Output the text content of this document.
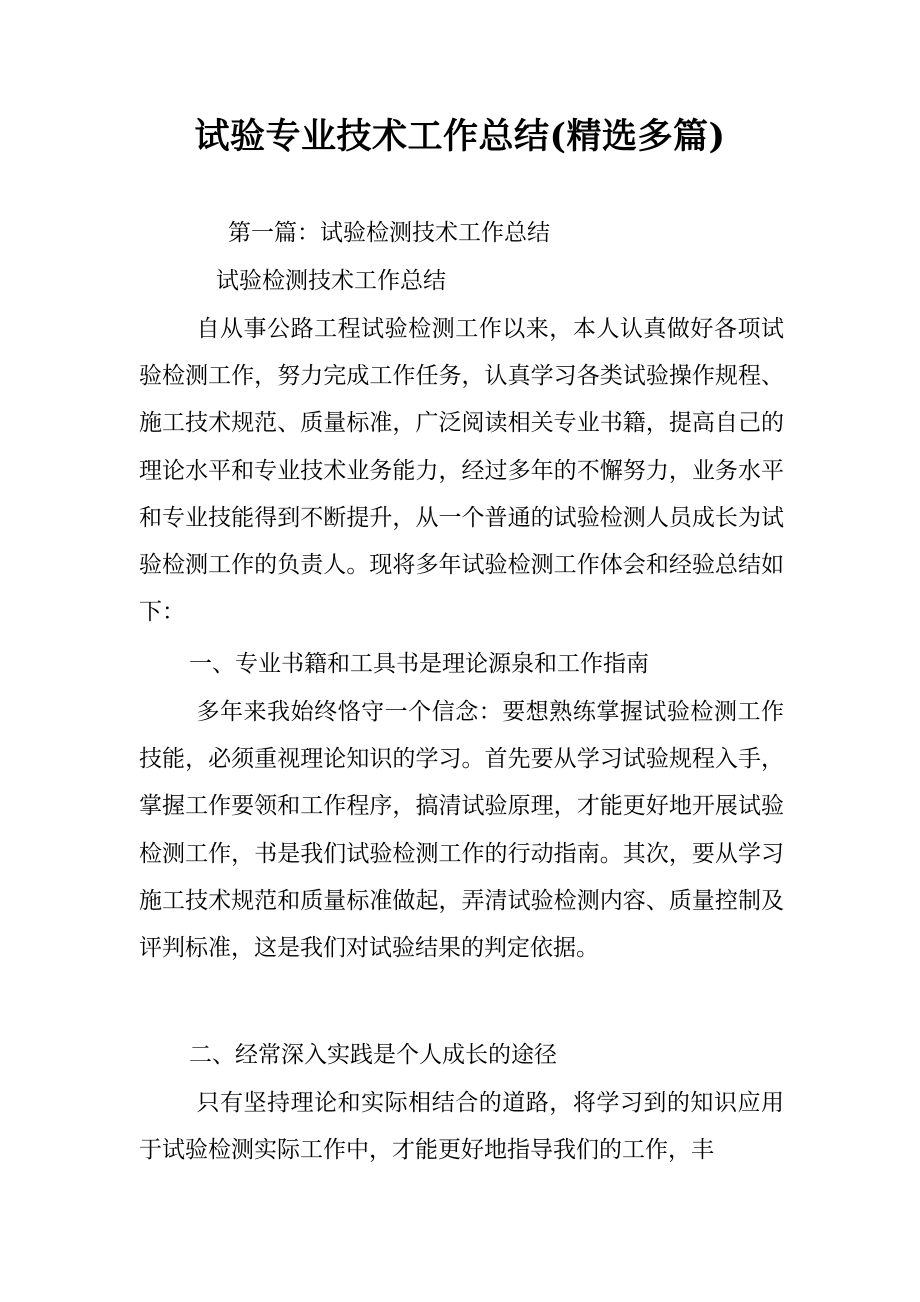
试验专业技术工作总结(精选多篇)

第一篇：试验检测技术工作总结

试验检测技术工作总结

自从事公路工程试验检测工作以来，本人认真做好各项试验检测工作，努力完成工作任务，认真学习各类试验操作规程、施工技术规范、质量标准，广泛阅读相关专业书籍，提高自己的理论水平和专业技术业务能力，经过多年的不懈努力，业务水平和专业技能得到不断提升，从一个普通的试验检测人员成长为试验检测工作的负责人。现将多年试验检测工作体会和经验总结如下：

一、专业书籍和工具书是理论源泉和工作指南

多年来我始终恪守一个信念：要想熟练掌握试验检测工作技能，必须重视理论知识的学习。首先要从学习试验规程入手，掌握工作要领和工作程序，搞清试验原理，才能更好地开展试验检测工作，书是我们试验检测工作的行动指南。其次，要从学习施工技术规范和质量标准做起，弄清试验检测内容、质量控制及评判标准，这是我们对试验结果的判定依据。

二、经常深入实践是个人成长的途径

只有坚持理论和实际相结合的道路，将学习到的知识应用于试验检测实际工作中，才能更好地指导我们的工作，丰
